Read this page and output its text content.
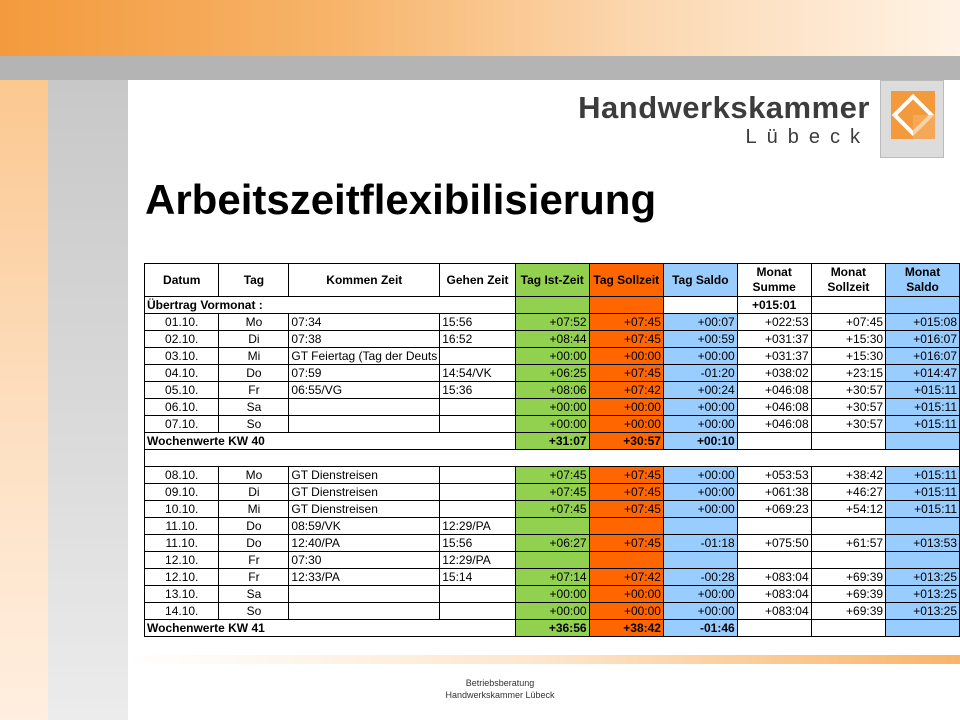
Handwerkskammer
Lübeck
Arbeitszeitflexibilisierung
Datum	Tag	Kommen Zeit	Gehen Zeit	Tag Ist-Zeit	Tag Sollzeit	Tag Saldo	Monat Summe	Monat Sollzeit	Monat Saldo
Übertrag Vormonat :							+015:01		
01.10.	Mo	07:34	15:56	+07:52	+07:45	+00:07	+022:53	+07:45	+015:08
02.10.	Di	07:38	16:52	+08:44	+07:45	+00:59	+031:37	+15:30	+016:07
03.10.	Mi	GT Feiertag (Tag der Deuts		+00:00	+00:00	+00:00	+031:37	+15:30	+016:07
04.10.	Do	07:59	14:54/VK	+06:25	+07:45	-01:20	+038:02	+23:15	+014:47
05.10.	Fr	06:55/VG	15:36	+08:06	+07:42	+00:24	+046:08	+30:57	+015:11
06.10.	Sa			+00:00	+00:00	+00:00	+046:08	+30:57	+015:11
07.10.	So			+00:00	+00:00	+00:00	+046:08	+30:57	+015:11
Wochenwerte KW 40				+31:07	+30:57	+00:10			

08.10.	Mo	GT Dienstreisen		+07:45	+07:45	+00:00	+053:53	+38:42	+015:11
09.10.	Di	GT Dienstreisen		+07:45	+07:45	+00:00	+061:38	+46:27	+015:11
10.10.	Mi	GT Dienstreisen		+07:45	+07:45	+00:00	+069:23	+54:12	+015:11
11.10.	Do	08:59/VK	12:29/PA						
11.10.	Do	12:40/PA	15:56	+06:27	+07:45	-01:18	+075:50	+61:57	+013:53
12.10.	Fr	07:30	12:29/PA						
12.10.	Fr	12:33/PA	15:14	+07:14	+07:42	-00:28	+083:04	+69:39	+013:25
13.10.	Sa			+00:00	+00:00	+00:00	+083:04	+69:39	+013:25
14.10.	So			+00:00	+00:00	+00:00	+083:04	+69:39	+013:25
Wochenwerte KW 41				+36:56	+38:42	-01:46			
Betriebsberatung
Handwerkskammer Lübeck
